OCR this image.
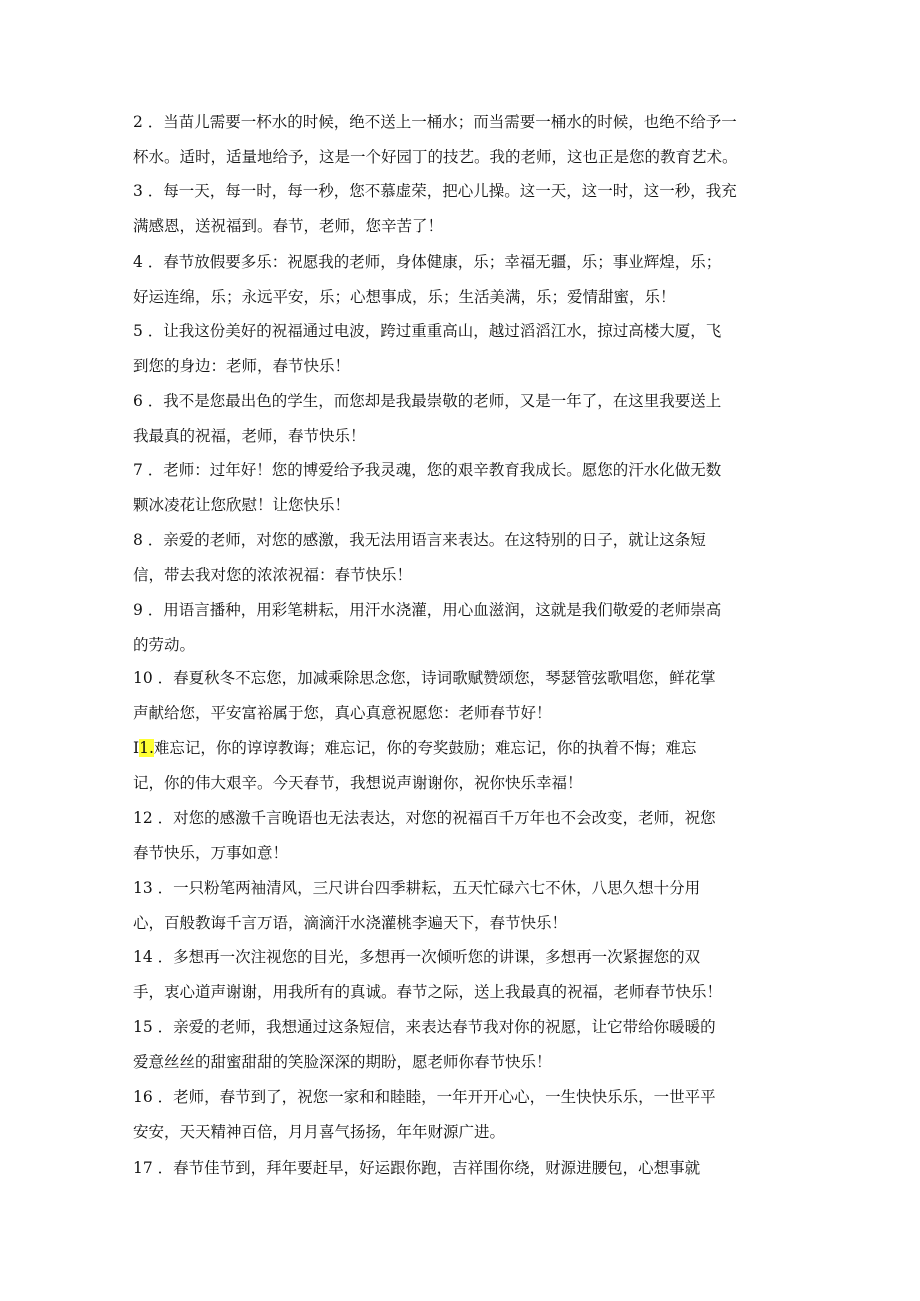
2 ．当苗儿需要一杯水的时候，绝不送上一桶水；而当需要一桶水的时候，也绝不给予一
杯水。适时，适量地给予，这是一个好园丁的技艺。我的老师，这也正是您的教育艺术。

3 ．每一天，每一时，每一秒，您不慕虚荣，把心儿操。这一天，这一时，这一秒，我充
满感恩，送祝福到。春节，老师，您辛苦了！

4 ．春节放假要多乐：祝愿我的老师，身体健康，乐；幸福无疆，乐；事业辉煌，乐；
好运连绵，乐；永远平安，乐；心想事成，乐；生活美满，乐；爱情甜蜜，乐！

5 ．让我这份美好的祝福通过电波，跨过重重高山，越过滔滔江水，掠过高楼大厦，飞
到您的身边：老师，春节快乐！

6 ．我不是您最出色的学生，而您却是我最崇敬的老师，又是一年了，在这里我要送上
我最真的祝福，老师，春节快乐！

7 ．老师：过年好！您的博爱给予我灵魂，您的艰辛教育我成长。愿您的汗水化做无数
颗冰凌花让您欣慰！让您快乐！

8 ．亲爱的老师，对您的感激，我无法用语言来表达。在这特别的日子，就让这条短
信，带去我对您的浓浓祝福：春节快乐！

9 ．用语言播种，用彩笔耕耘，用汗水浇灌，用心血滋润，这就是我们敬爱的老师崇高
的劳动。

10 ．春夏秋冬不忘您，加减乘除思念您，诗词歌赋赞颂您，琴瑟管弦歌唱您，鲜花掌
声献给您，平安富裕属于您，真心真意祝愿您：老师春节好！

I1.难忘记，你的谆谆教诲；难忘记，你的夸奖鼓励；难忘记，你的执着不悔；难忘
记，你的伟大艰辛。今天春节，我想说声谢谢你，祝你快乐幸福！

12 ．对您的感激千言晚语也无法表达，对您的祝福百千万年也不会改变，老师，祝您
春节快乐，万事如意！

13 ．一只粉笔两袖清风，三尺讲台四季耕耘，五天忙碌六七不休，八思久想十分用
心，百般教诲千言万语，滴滴汗水浇灌桃李遍天下，春节快乐！

14 ．多想再一次注视您的目光，多想再一次倾听您的讲课，多想再一次紧握您的双
手，衷心道声谢谢，用我所有的真诚。春节之际，送上我最真的祝福，老师春节快乐！

15 ．亲爱的老师，我想通过这条短信，来表达春节我对你的祝愿，让它带给你暖暖的
爱意丝丝的甜蜜甜甜的笑脸深深的期盼，愿老师你春节快乐！

16 ．老师，春节到了，祝您一家和和睦睦，一年开开心心，一生快快乐乐，一世平平
安安，天天精神百倍，月月喜气扬扬，年年财源广进。

17 ．春节佳节到，拜年要赶早，好运跟你跑，吉祥围你绕，财源进腰包，心想事就
